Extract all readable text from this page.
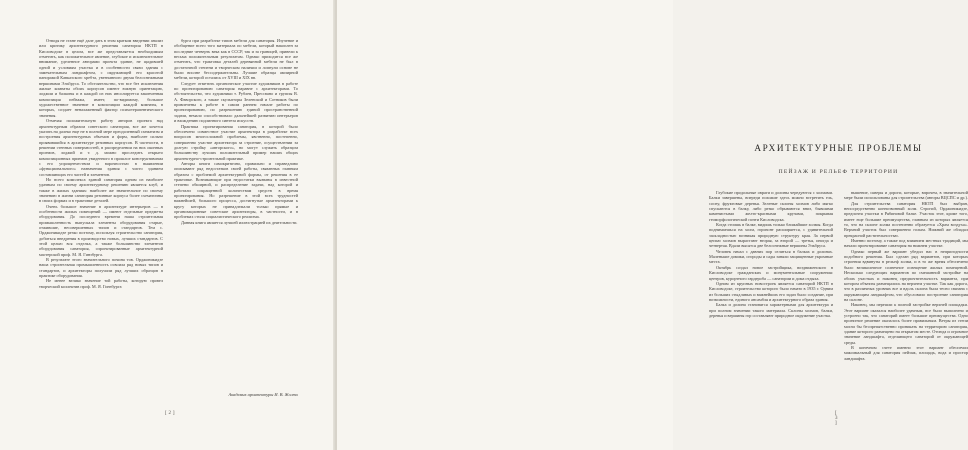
Отводя не стане ещё дале дать в этом кратком введении анализ или критику архитектурного решения санатория НКТП в Кисловодске в целом, все же представляется необходимым отметить, как положительное явление, глубокое и исключительное внимание, уделенное авторами проекта здание, не щадившей одной и условиям участка и в особенности связи здания с замечательным ландшафтом, с окружающей его красотой панорамой Кавказского хребта, увенчанного двумя белоснежными вершинами Эльбруса. То обстоятельство, что все без исключения жилые комнаты обоих корпусов имеют южную ориентацию, лоджии и балконы и в каждой из них инсолируется законченная композиция пейзажа, имеет, по-видимому, большое художественное значение в композиции каждой комнаты, в которых, создает неналаженный фактор психотерапевтического значения.

Отмечая положительную работу авторов проекта над архитектурным образом советского санатория, все же хочется указать на далеко еще не в полной мере преодоленный схематизм и построения архитектурных объемов и форм, наиболее сильно проявившийся в архитектуре резинных корпусов. В частности, в решении стенных поверхностей, в распределении на них оконных проемов, лоджий и т. д. можно проследить открыто композиционных приемов увиденного в прошлое конструктивизма с его упрощенчеством и варочностью в выявлении «функционального» назначения здания с чисто зданием составляющих его частей и элементов.

Но всего комплекса зданий санатория одним из наиболее удачным по своему архитектурному решению является клуб, и также в жилых зданиях: наиболее же значительное по своему значению в жизни санатория резинные корпуса более схематичны в своих формах и в трактовке деталей.

Очень большое значение в архитектуре интерьеров — в особенности жилых помещений — имеют отдельные предметы оборудования. До последнего времени наша строительная промышленность выпускала элементы оборудования старые, отжившие, несовершенных типов и стандартов. Тем с. Орджоникидзе резко поэтому, используя строительство санатория, добиться внедрения в производство новых, лучших стандартов. С этой целью вся отделка, а также большинство элементов оборудования санатория, спроектированные архитектурной мастерской проф. М. Я. Гинзбурга.

В результате этого значительного почина тов. Орджоникидзе наша строительная промышленность освоила ряд новых типов и стандартов, и архитекторы получили ряд лучших образцов в практике оборудования.

Не менее велико значение той работы, которую провел творческий коллектив проф. М. Я. Гинзбурга

бурга при разработке типов мебели для санатория. Изучение и обобщение всего того материала по мебели, который накоплен за последние четверть века как в СССР, так и за границей, привели к весьма положительным результатам. Однако приходится все же отметить, что трактовка деталей деревянной мебели не был в достаточной степени и творческом наличии и лопнули основе не были вполне бессодержательны. Лучшие образцы ампирной мебели, которой остались от XVIII и XIX вв.

Следует отметить органическое участие художников в работе по проектированию санатория наравне с архитекторами. То обстоятельство, что художники т. Рублев, Прессвано и группы В. А. Фаворского, а также скульпторы Зеленский и Сотников были привлечены к работе в самом раннем начале работы по проектированию, по разрешению единой пространственной задачи, немало способствовало дальнейшей развитию интерьеров и вхождению подлинного синтеза искусств.

Практика проектирования санатория, в которой было обеспечено совместное участие архитектора в разработке всех вопросов многосложной проблемы, явственно, постепенно, совершенно участие архитектора за строение, осуществлении за долгую стройку «авторского», но могут служить образцом большинству лучших положительный пример наших общих архитектурно-строительной практике.

Авторы книги самокритично, правильно и справедливо описывают ряд недостатков своей работы, связанных главным образом с проблемой архитектурной формы, от решения в ее трактовке. Возникающие при недостатки вызваны в известной степени обширной, и распределение задачи, над которой и работали сокращенной количествам средств в время проектирования. Но разрешение в этой всех трудностей важнейшей, большого процесса, достигнутые архитекторами к кругу которых не принадлежали только прямые и организационные советские архитекторы, в частности, и в проблемах стиля социалистического реализма.

Данная книга является лучшей иллюстрацией их деятельности.

Академик архитектуры И. В. Жолто
[ 2 ]
АРХИТЕКТУРНЫЕ ПРОБЛЕМЫ
ПЕЙЗАЖ И РЕЛЬЕФ ТЕРРИТОРИИ

Глубокие продольные овраги и долины чередуются с холмами. Балки завершены, впереди похожие здесь можно встретить ель, сосну, фруктовые деревья. Зеленые склоны холмов либо мягко спускаются в балку, либо резко обрываются вниз, бывшими каменистыми желто-красными кручами, покрывая геоморфологической почти Кисловодска.

Когда стоишь в балке, видишь только ближайшие холмы. Когда поднимаешься на холм, горизонт расширяется, с удивительной заскладностью возникая природную структуру края. За первой цепью холмов вырастают вторая, за второй — третья, иногда и четвертая. Вдали высятся две белоснежные вершины Эльбруса.

Человек начал с давних пор селиться в балках и долинах. Маленькие домики, огороды и сады заняли защищенные укромные места.

Октябрь создал новое застройщика, воздвиженского в Кисловодске гражданских и монументальные сооружения: центров, курортного гардероба — санатории и дома отдыха.

Одним из крупных новостроек является санаторий НКТП в Кисловодске, строительство которого было начато в 1935 г. Одним из больших стыдливых и важнейших его задач было создание, при возможности, единого ансамбля и архитектурного образа здания.

Балка и долина становятся характерными для архитектура и при полном значении такого материала. Склоны холмов, балки, деревья и вершины гор составляют природное окружение участка.

вышение, скверы и дороги, которые, впрочем, в значительной мере были использованы для строительства (авторы ВЦСПС и др.).

Для строительства санатория НКТП был выбран, непосредственно коннозвонный холм. Строгий, Орджоникидзе, предпочтя участки в Рябиновой балке. Участок этот, кроме того, имеет еще большие преимущества, главным из которых является то, что на склоне холма постепенно образуется «Храм воздуха». Верхний участок был совершенно голым. Нижний же обладал прекрасной растительностью.

Именно поэтому, а также под влиянием местных традиций, мы начали проектирование санатория на нижнем участке.

Однако первый же вариант убедил нас в непригодности подобного решения. Был сделан ряд вариантов, при которых строения вдвинуты в рельеф холма, и в то же время обеспечено было великолепное солнечное освещение жилых помещений. Несколько следующих вариантов по смешанной застройке на обоих участках и наконец предпочтительность варианта, при котором объекты размещались на верхнем участке. Так как дорога, что в различных уровнях все и вдоль склона была тесно связана с окружающим ландшафтом, что обусловило построение санатория на склоне.

Наконец, мы перешли к полной застройке верхней площадки. Этот вариант оказался наиболее удачным, все было выполнено и устроено так, что санаторий имеет большие преимущества. Одно проектное решение оказалось более правильным. Ветры из степи могли бы беспрепятственно проникать на территорию санатория, здание которого размещено на открытом месте. Отсюда и огромное значение ландшафта, отделяющего санаторий от окружающей среды.

В конечном счете именно этот вариант обеспечил максимальный для санатория пейзаж, площадь, вода и простор ландшафта.

[ 3 ]
